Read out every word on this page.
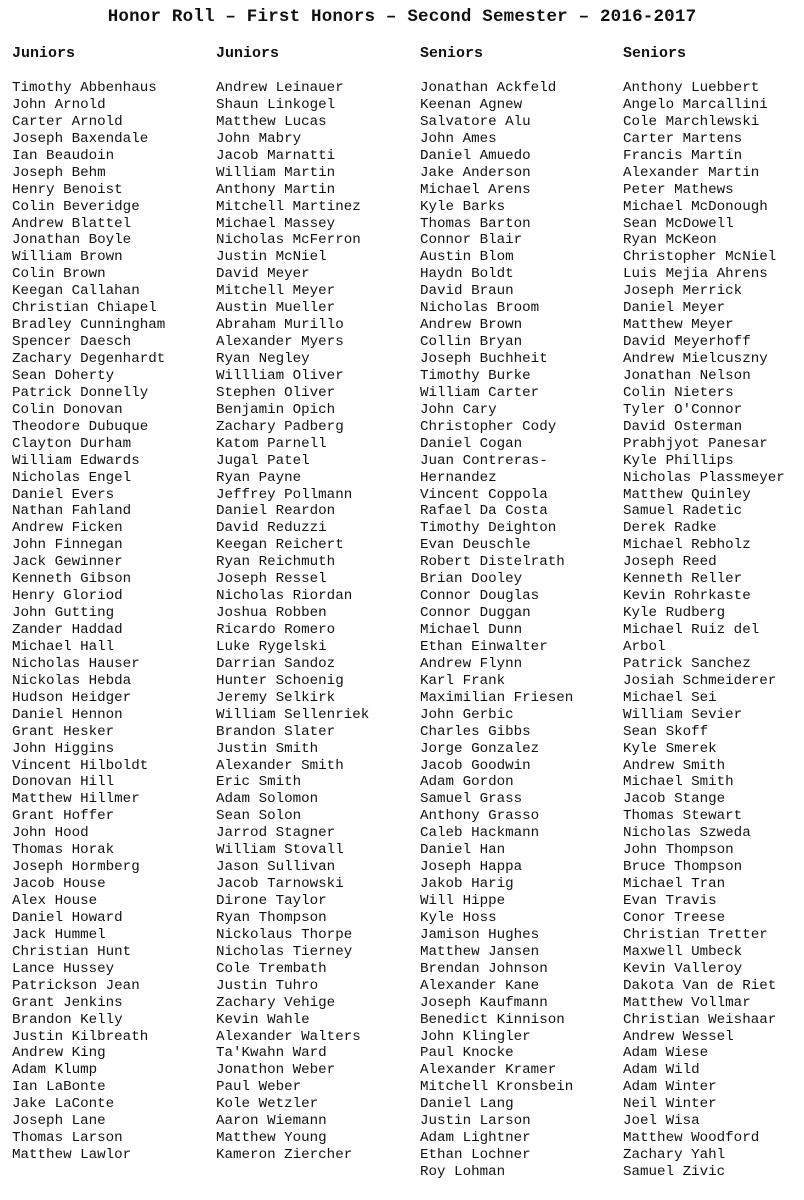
Honor Roll – First Honors – Second Semester – 2016-2017
Juniors
Timothy Abbenhaus
John Arnold
Carter Arnold
Joseph Baxendale
Ian Beaudoin
Joseph Behm
Henry Benoist
Colin Beveridge
Andrew Blattel
Jonathan Boyle
William Brown
Colin Brown
Keegan Callahan
Christian Chiapel
Bradley Cunningham
Spencer Daesch
Zachary Degenhardt
Sean Doherty
Patrick Donnelly
Colin Donovan
Theodore Dubuque
Clayton Durham
William Edwards
Nicholas Engel
Daniel Evers
Nathan Fahland
Andrew Ficken
John Finnegan
Jack Gewinner
Kenneth Gibson
Henry Gloriod
John Gutting
Zander Haddad
Michael Hall
Nicholas Hauser
Nickolas Hebda
Hudson Heidger
Daniel Hennon
Grant Hesker
John Higgins
Vincent Hilboldt
Donovan Hill
Matthew Hillmer
Grant Hoffer
John Hood
Thomas Horak
Joseph Hormberg
Jacob House
Alex House
Daniel Howard
Jack Hummel
Christian Hunt
Lance Hussey
Patrickson Jean
Grant Jenkins
Brandon Kelly
Justin Kilbreath
Andrew King
Adam Klump
Ian LaBonte
Jake LaConte
Joseph Lane
Thomas Larson
Matthew Lawlor
Juniors
Andrew Leinauer
Shaun Linkogel
Matthew Lucas
John Mabry
Jacob Marnatti
William Martin
Anthony Martin
Mitchell Martinez
Michael Massey
Nicholas McFerron
Justin McNiel
David Meyer
Mitchell Meyer
Austin Mueller
Abraham Murillo
Alexander Myers
Ryan Negley
Willliam Oliver
Stephen Oliver
Benjamin Opich
Zachary Padberg
Katom Parnell
Jugal Patel
Ryan Payne
Jeffrey Pollmann
Daniel Reardon
David Reduzzi
Keegan Reichert
Ryan Reichmuth
Joseph Ressel
Nicholas Riordan
Joshua Robben
Ricardo Romero
Luke Rygelski
Darrian Sandoz
Hunter Schoenig
Jeremy Selkirk
William Sellenriek
Brandon Slater
Justin Smith
Alexander Smith
Eric Smith
Adam Solomon
Sean Solon
Jarrod Stagner
William Stovall
Jason Sullivan
Jacob Tarnowski
Dirone Taylor
Ryan Thompson
Nickolaus Thorpe
Nicholas Tierney
Cole Trembath
Justin Tuhro
Zachary Vehige
Kevin Wahle
Alexander Walters
Ta'Kwahn Ward
Jonathon Weber
Paul Weber
Kole Wetzler
Aaron Wiemann
Matthew Young
Kameron Ziercher
Seniors
Jonathan Ackfeld
Keenan Agnew
Salvatore Alu
John Ames
Daniel Amuedo
Jake Anderson
Michael Arens
Kyle Barks
Thomas Barton
Connor Blair
Austin Blom
Haydn Boldt
David Braun
Nicholas Broom
Andrew Brown
Collin Bryan
Joseph Buchheit
Timothy Burke
William Carter
John Cary
Christopher Cody
Daniel Cogan
Juan Contreras-
Hernandez
Vincent Coppola
Rafael Da Costa
Timothy Deighton
Evan Deuschle
Robert Distelrath
Brian Dooley
Connor Douglas
Connor Duggan
Michael Dunn
Ethan Einwalter
Andrew Flynn
Karl Frank
Maximilian Friesen
John Gerbic
Charles Gibbs
Jorge Gonzalez
Jacob Goodwin
Adam Gordon
Samuel Grass
Anthony Grasso
Caleb Hackmann
Daniel Han
Joseph Happa
Jakob Harig
Will Hippe
Kyle Hoss
Jamison Hughes
Matthew Jansen
Brendan Johnson
Alexander Kane
Joseph Kaufmann
Benedict Kinnison
John Klingler
Paul Knocke
Alexander Kramer
Mitchell Kronsbein
Daniel Lang
Justin Larson
Adam Lightner
Ethan Lochner
Roy Lohman
Seniors
Anthony Luebbert
Angelo Marcallini
Cole Marchlewski
Carter Martens
Francis Martin
Alexander Martin
Peter Mathews
Michael McDonough
Sean McDowell
Ryan McKeon
Christopher McNiel
Luis Mejia Ahrens
Joseph Merrick
Daniel Meyer
Matthew Meyer
David Meyerhoff
Andrew Mielcuszny
Jonathan Nelson
Colin Nieters
Tyler O'Connor
David Osterman
Prabhjyot Panesar
Kyle Phillips
Nicholas Plassmeyer
Matthew Quinley
Samuel Radetic
Derek Radke
Michael Rebholz
Joseph Reed
Kenneth Reller
Kevin Rohrkaste
Kyle Rudberg
Michael Ruiz del
Arbol
Patrick Sanchez
Josiah Schmeiderer
Michael Sei
William Sevier
Sean Skoff
Kyle Smerek
Andrew Smith
Michael Smith
Jacob Stange
Thomas Stewart
Nicholas Szweda
John Thompson
Bruce Thompson
Michael Tran
Evan Travis
Conor Treese
Christian Tretter
Maxwell Umbeck
Kevin Valleroy
Dakota Van de Riet
Matthew Vollmar
Christian Weishaar
Andrew Wessel
Adam Wiese
Adam Wild
Adam Winter
Neil Winter
Joel Wisa
Matthew Woodford
Zachary Yahl
Samuel Zivic
